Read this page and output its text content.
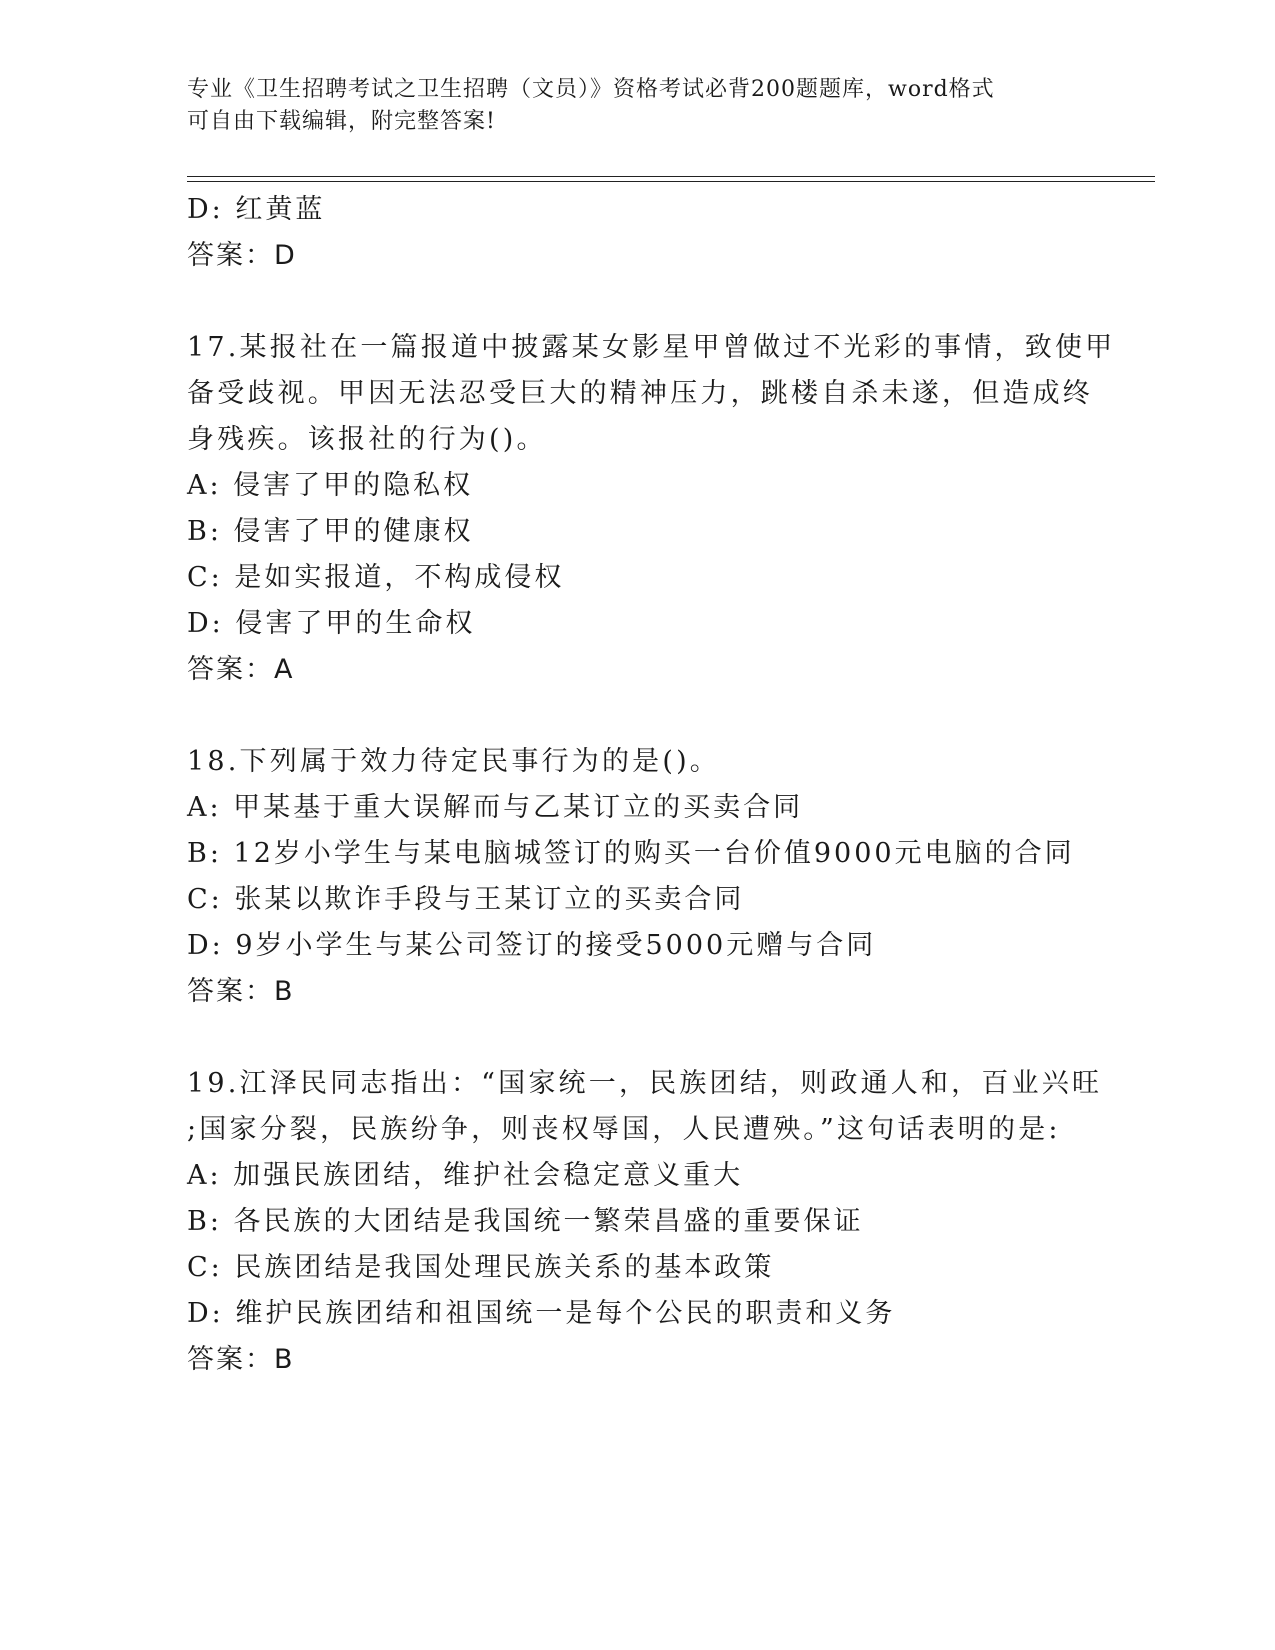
专业《卫生招聘考试之卫生招聘（文员）》资格考试必背200题题库，word格式
可自由下载编辑，附完整答案!
D: 红黄蓝
答案：D
17.某报社在一篇报道中披露某女影星甲曾做过不光彩的事情，致使甲
备受歧视。甲因无法忍受巨大的精神压力，跳楼自杀未遂，但造成终
身残疾。该报社的行为()。
A: 侵害了甲的隐私权
B: 侵害了甲的健康权
C: 是如实报道，不构成侵权
D: 侵害了甲的生命权
答案：A
18.下列属于效力待定民事行为的是()。
A: 甲某基于重大误解而与乙某订立的买卖合同
B: 12岁小学生与某电脑城签订的购买一台价值9000元电脑的合同
C: 张某以欺诈手段与王某订立的买卖合同
D: 9岁小学生与某公司签订的接受5000元赠与合同
答案：B
19.江泽民同志指出：“国家统一，民族团结，则政通人和，百业兴旺
;国家分裂，民族纷争，则丧权辱国，人民遭殃。”这句话表明的是:
A: 加强民族团结，维护社会稳定意义重大
B: 各民族的大团结是我国统一繁荣昌盛的重要保证
C: 民族团结是我国处理民族关系的基本政策
D: 维护民族团结和祖国统一是每个公民的职责和义务
答案：B
